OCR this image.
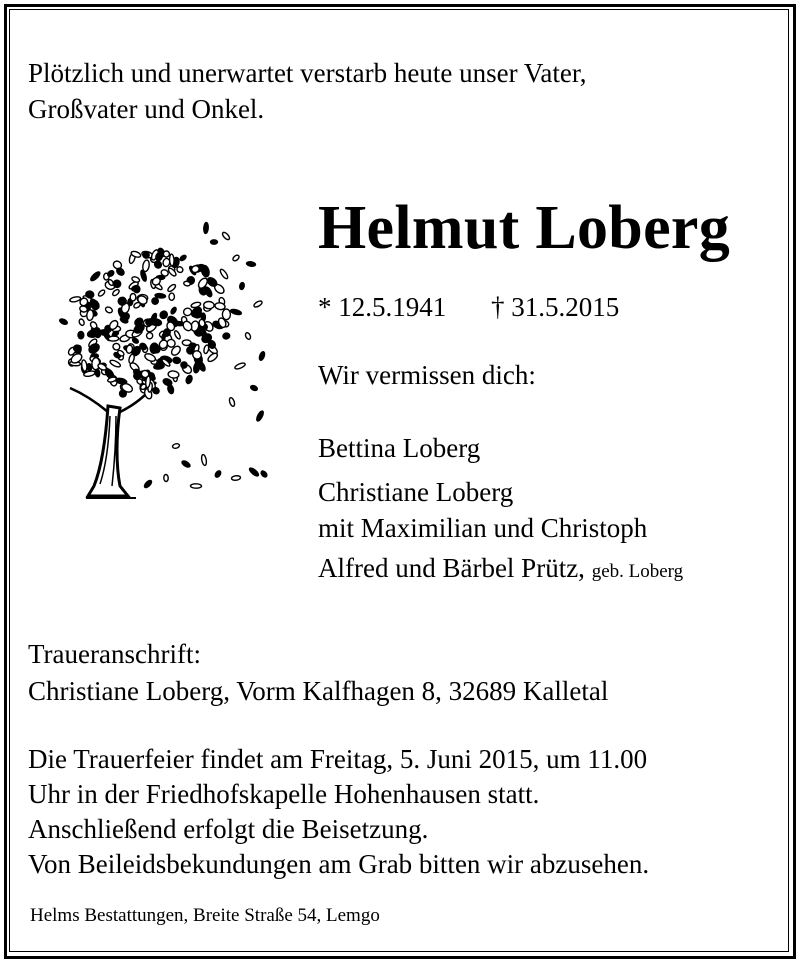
Plötzlich und unerwartet verstarb heute unser Vater,
Großvater und Onkel.

Helmut Loberg

* 12.5.1941 † 31.5.2015

Wir vermissen dich:

Bettina Loberg
Christiane Loberg
mit Maximilian und Christoph
Alfred und Bärbel Prütz, geb. Loberg

Traueranschrift:
Christiane Loberg, Vorm Kalfhagen 8, 32689 Kalletal

Die Trauerfeier findet am Freitag, 5. Juni 2015, um 11.00
Uhr in der Friedhofskapelle Hohenhausen statt.
Anschließend erfolgt die Beisetzung.
Von Beileidsbekundungen am Grab bitten wir abzusehen.

Helms Bestattungen, Breite Straße 54, Lemgo
